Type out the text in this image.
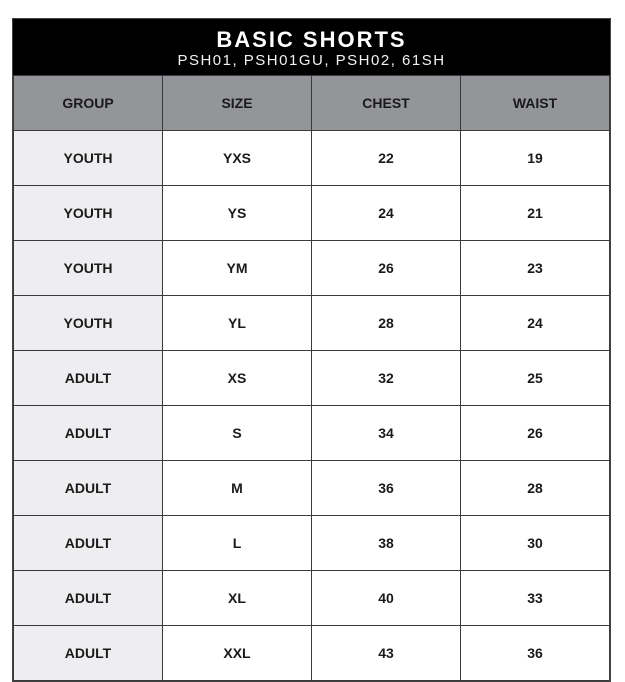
BASIC SHORTS
PSH01, PSH01GU, PSH02, 61SH
GROUP	SIZE	CHEST	WAIST
YOUTH	YXS	22	19
YOUTH	YS	24	21
YOUTH	YM	26	23
YOUTH	YL	28	24
ADULT	XS	32	25
ADULT	S	34	26
ADULT	M	36	28
ADULT	L	38	30
ADULT	XL	40	33
ADULT	XXL	43	36
